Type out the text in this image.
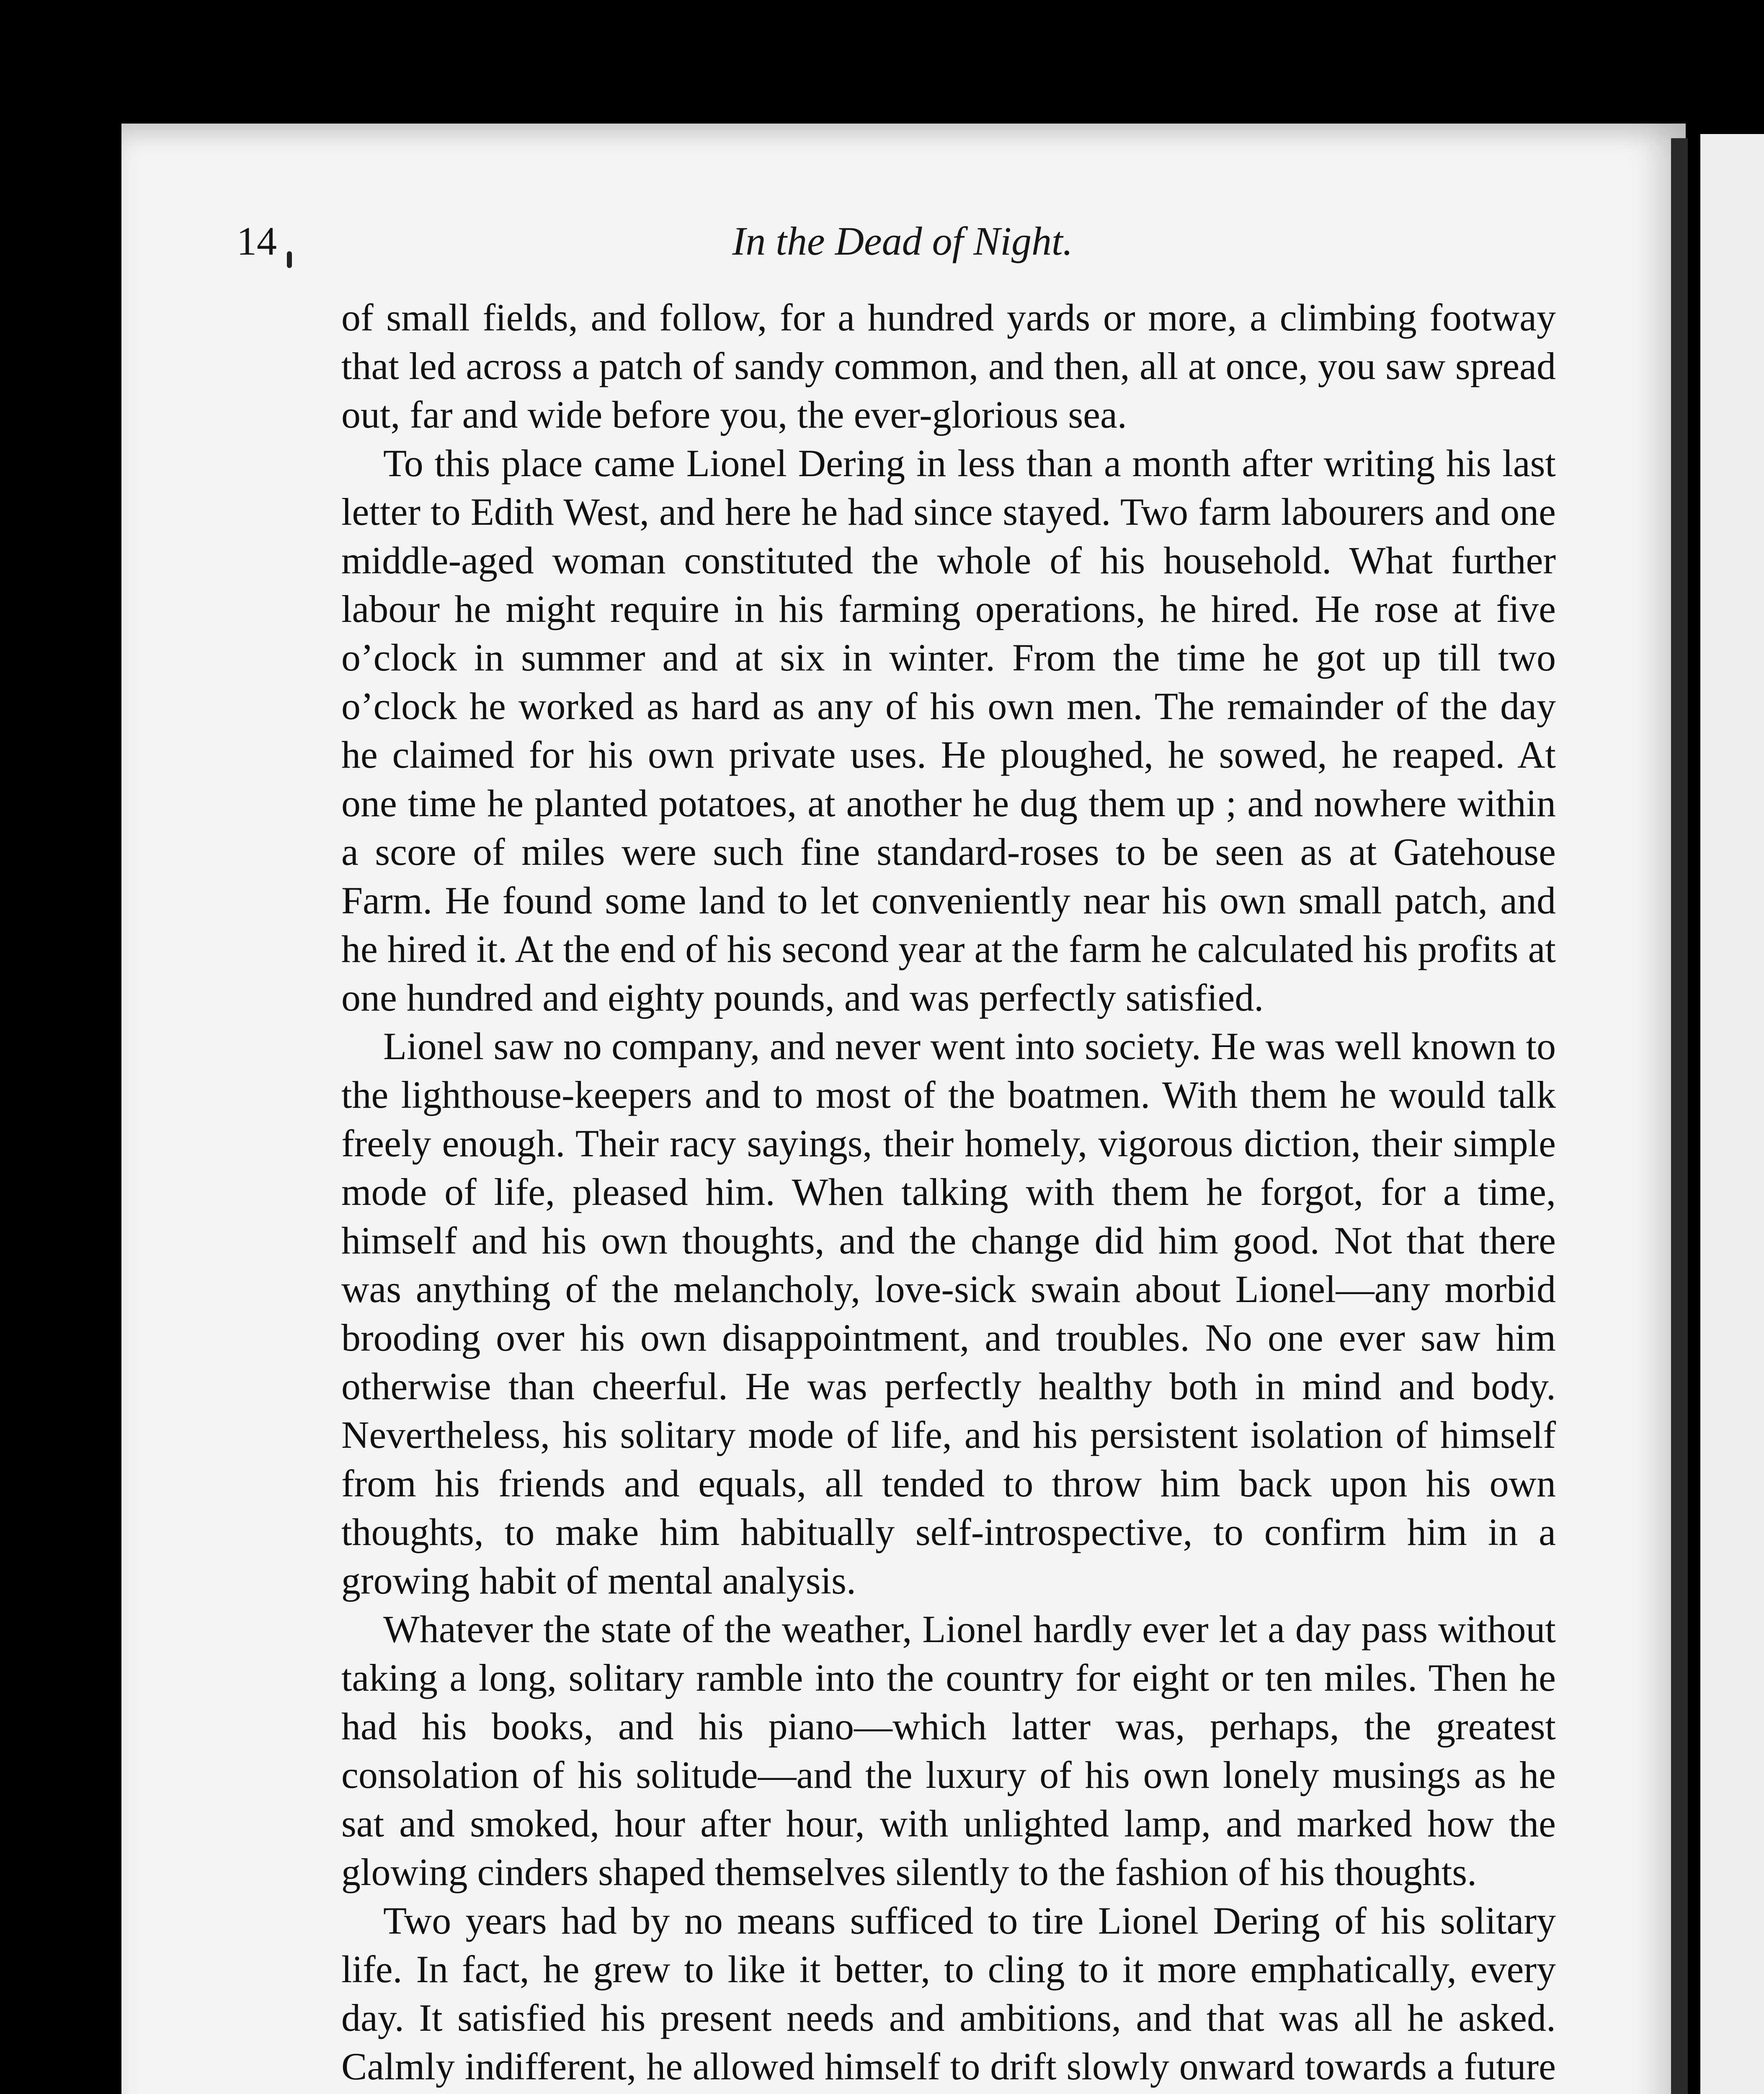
14	In the Dead of Night.

of small fields, and follow, for a hundred yards or more, a climbing footway that led across a patch of sandy common, and then, all at once, you saw spread out, far and wide before you, the ever-glorious sea.

To this place came Lionel Dering in less than a month after writing his last letter to Edith West, and here he had since stayed. Two farm labourers and one middle-aged woman constituted the whole of his household. What further labour he might require in his farming operations, he hired. He rose at five o’clock in summer and at six in winter. From the time he got up till two o’clock he worked as hard as any of his own men. The remainder of the day he claimed for his own private uses. He ploughed, he sowed, he reaped. At one time he planted potatoes, at another he dug them up ; and nowhere within a score of miles were such fine standard-roses to be seen as at Gatehouse Farm. He found some land to let conveniently near his own small patch, and he hired it. At the end of his second year at the farm he calculated his profits at one hundred and eighty pounds, and was perfectly satisfied.

Lionel saw no company, and never went into society. He was well known to the lighthouse-keepers and to most of the boatmen. With them he would talk freely enough. Their racy sayings, their homely, vigorous diction, their simple mode of life, pleased him. When talking with them he forgot, for a time, himself and his own thoughts, and the change did him good. Not that there was anything of the melancholy, love-sick swain about Lionel—any morbid brooding over his own disappointment, and troubles. No one ever saw him otherwise than cheerful. He was perfectly healthy both in mind and body. Nevertheless, his solitary mode of life, and his persistent isolation of himself from his friends and equals, all tended to throw him back upon his own thoughts, to make him habitually self-introspective, to confirm him in a growing habit of mental analysis.

Whatever the state of the weather, Lionel hardly ever let a day pass without taking a long, solitary ramble into the country for eight or ten miles. Then he had his books, and his piano—which latter was, perhaps, the greatest consolation of his solitude—and the luxury of his own lonely musings as he sat and smoked, hour after hour, with unlighted lamp, and marked how the glowing cinders shaped themselves silently to the fashion of his thoughts.

Two years had by no means sufficed to tire Lionel Dering of his solitary life. In fact, he grew to like it better, to cling to it more emphatically, every day. It satisfied his present needs and ambitions, and that was all he asked. Calmly indifferent, he allowed himself to drift slowly onward towards a future
